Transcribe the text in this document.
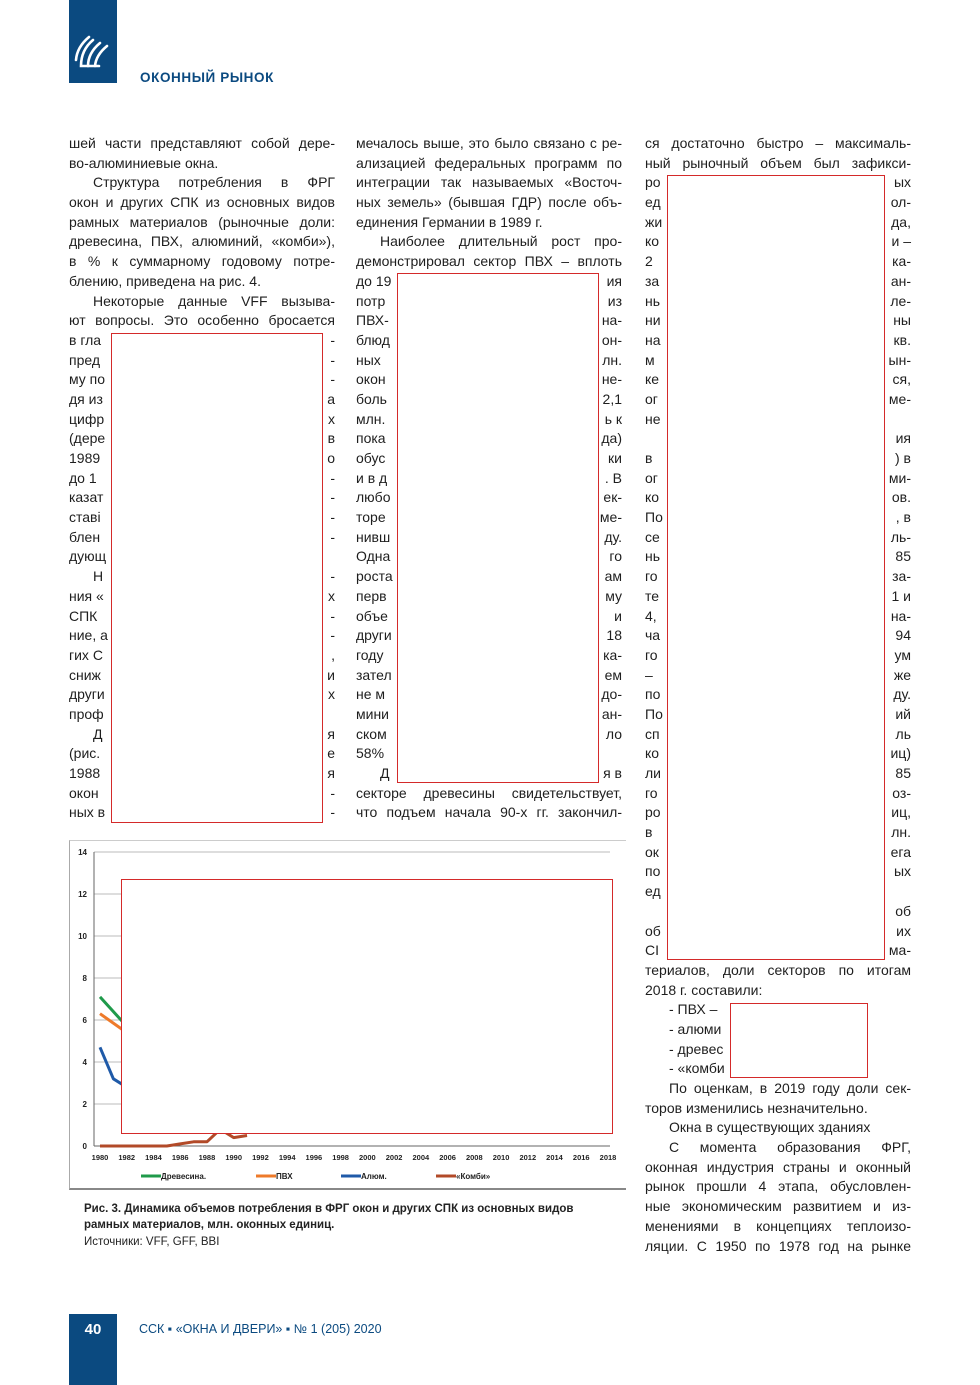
ОКОННЫЙ РЫНОК
шей части представляют собой дере-
во-алюминиевые окна.
Структура потребления в ФРГ
окон и других СПК из основных видов
рамных материалов (рыночные доли:
древесина, ПВХ, алюминий, «комби»),
в % к суммарному годовому потре-
блению, приведена на рис. 4.
Некоторые данные VFF вызыва-
ют вопросы. Это особенно бросается
в гла	-
пред	-
му по	-
дя из	а
цифр	х
(дере	в
1989	о
до 1	-
казат	-
ставі	-
блен	-
дующ
Н	-
ния «	х
СПК	-
ние, а	-
гих С	,
сниж	и
други	х
проф
Д	я
(рис.	е
1988	я
окон	-
ных в	-
мечалось выше, это было связано с ре-
ализацией федеральных программ по
интеграции так называемых «Восточ-
ных земель» (бывшая ГДР) после объ-
единения Германии в 1989 г.
Наиболее длительный рост про-
демонстрировал сектор ПВХ – вплоть
до 19	ия
потр	из
ПВХ-	на-
блюд	он-
ных	лн.
окон	не-
боль	2,1
млн.	ь к
пока	да)
обус	ки
и в д	. В
любо	ек-
торе	ме-
нивш	ду.
Одна	го
роста	ам
перв	му
объе	и
други	18
году	ка-
зател	ем
не м	до-
мини	ан-
ском	ло
58%
Д	я в
секторе древесины свидетельствует,
что подъем начала 90-х гг. закончил-
ся достаточно быстро – максималь-
ный рыночный объем был зафикси-
ро	ых
ед	ол-
жи	да,
ко	и –
2	ка-
за	ан-
нь	ле-
ни	ны
на	кв.
м	ын-
ке	ся,
ог	ме-
не
ия
в	) в
ог	ми-
ко	ов.
По	, в
се	ль-
нь	85
го	за-
те	1 и
4,	на-
ча	94
го	ум
–	же
по	ду.
По	ий
сп	ль
ко	иц)
ли	85
го	оз-
ро	иц,
в	лн.
ок	ега
по	ых
ед
об
об	их
СІ	ма-
териалов, доли секторов по итогам
2018 г. составили:
- ПВХ –
- алюми
- древес
- «комби
По оценкам, в 2019 году доли сек-
торов изменились незначительно.
Окна в существующих зданиях
С момента образования ФРГ,
оконная индустрия страны и оконный
рынок прошли 4 этапа, обусловлен-
ные экономическим развитием и из-
менениями в концепциях теплоизо-
ляции. С 1950 по 1978 год на рынке
0
2
4
6
8
10
12
14
1980 1982 1984 1986 1988 1990 1992 1994 1996 1998 2000 2002 2004 2006 2008 2010 2012 2014 2016 2018
Древесина.	ПВХ	Алюм.	«Комби»
Рис. 3. Динамика объемов потребления в ФРГ окон и других СПК из основных видов рамных материалов, млн. оконных единиц.
Источники: VFF, GFF, BBI
40	ССК ▪ «ОКНА И ДВЕРИ» ▪ № 1 (205) 2020
